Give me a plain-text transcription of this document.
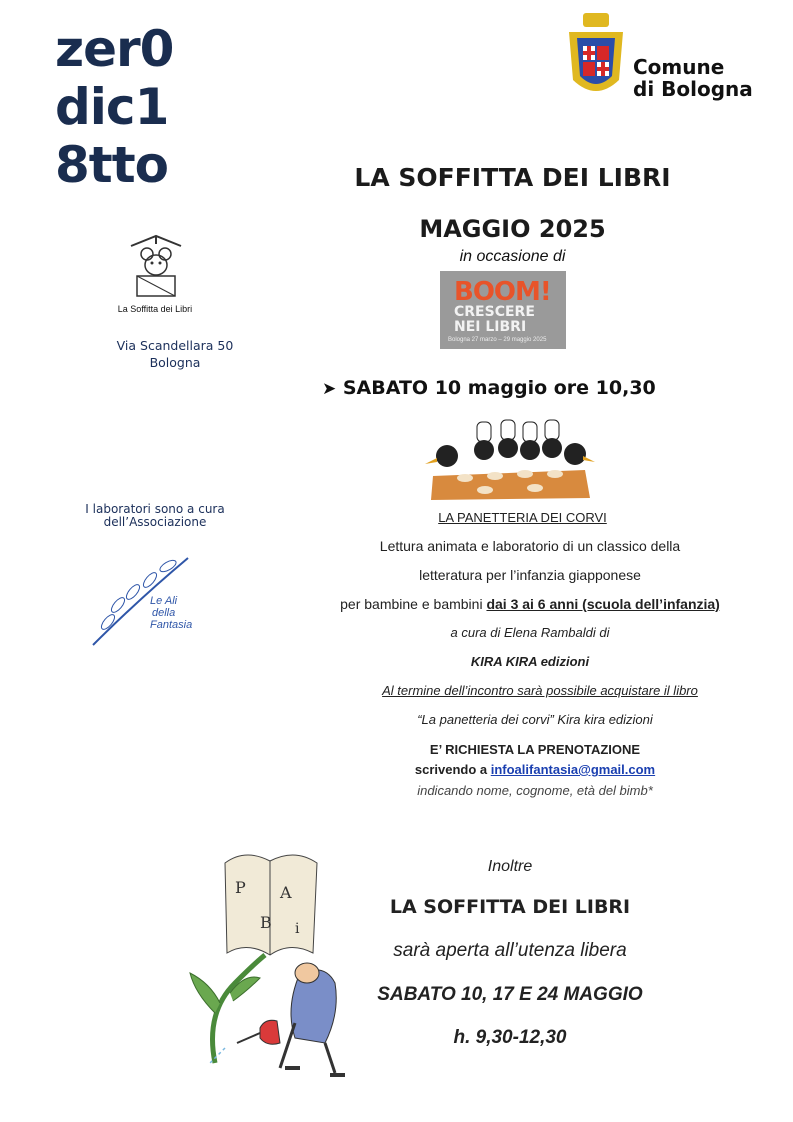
zer0
dic1
8tto
Comune
di Bologna
LA SOFFITTA DEI LIBRI
MAGGIO 2025
in occasione di
BOOM!
CRESCERE
NEI LIBRI
Bologna 27 marzo – 29 maggio 2025
La Soffitta dei Libri
Via Scandellara 50
Bologna
➤ SABATO 10 maggio ore 10,30
I laboratori sono a cura
dell’Associazione
Le Ali
della
Fantasia
LA PANETTERIA DEI CORVI
Lettura animata e laboratorio di un classico della
letteratura per l’infanzia giapponese
per bambine e bambini dai 3 ai 6 anni (scuola dell’infanzia)
a cura di Elena Rambaldi di
KIRA KIRA edizioni
Al termine dell’incontro sarà possibile acquistare il libro
“La panetteria dei corvi” Kira kira edizioni
E’ RICHIESTA LA PRENOTAZIONE
scrivendo a infoalifantasia@gmail.com
indicando nome, cognome, età del bimb*
P A
B i
Inoltre
LA SOFFITTA DEI LIBRI
sarà aperta all’utenza libera
SABATO 10, 17 E 24 MAGGIO
h. 9,30-12,30
